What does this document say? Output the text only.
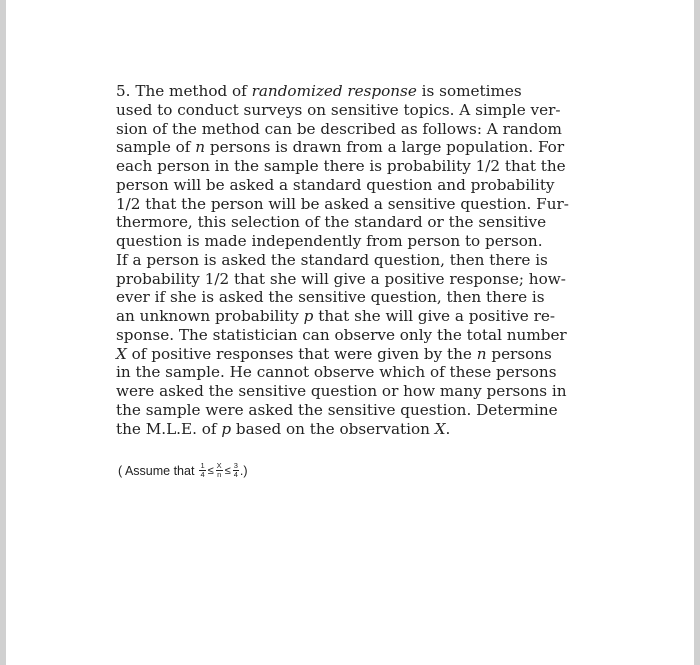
5. The method of randomized response is sometimes
used to conduct surveys on sensitive topics. A simple ver-
sion of the method can be described as follows: A random
sample of n persons is drawn from a large population. For
each person in the sample there is probability 1/2 that the
person will be asked a standard question and probability
1/2 that the person will be asked a sensitive question. Fur-
thermore, this selection of the standard or the sensitive
question is made independently from person to person.
If a person is asked the standard question, then there is
probability 1/2 that she will give a positive response; how-
ever if she is asked the sensitive question, then there is
an unknown probability p that she will give a positive re-
sponse. The statistician can observe only the total number
X of positive responses that were given by the n persons
in the sample. He cannot observe which of these persons
were asked the sensitive question or how many persons in
the sample were asked the sensitive question. Determine
the M.L.E. of p based on the observation X.

( Assume that $\frac{1}{4} \le \frac{X}{n} \le \frac{3}{4}$ .)
